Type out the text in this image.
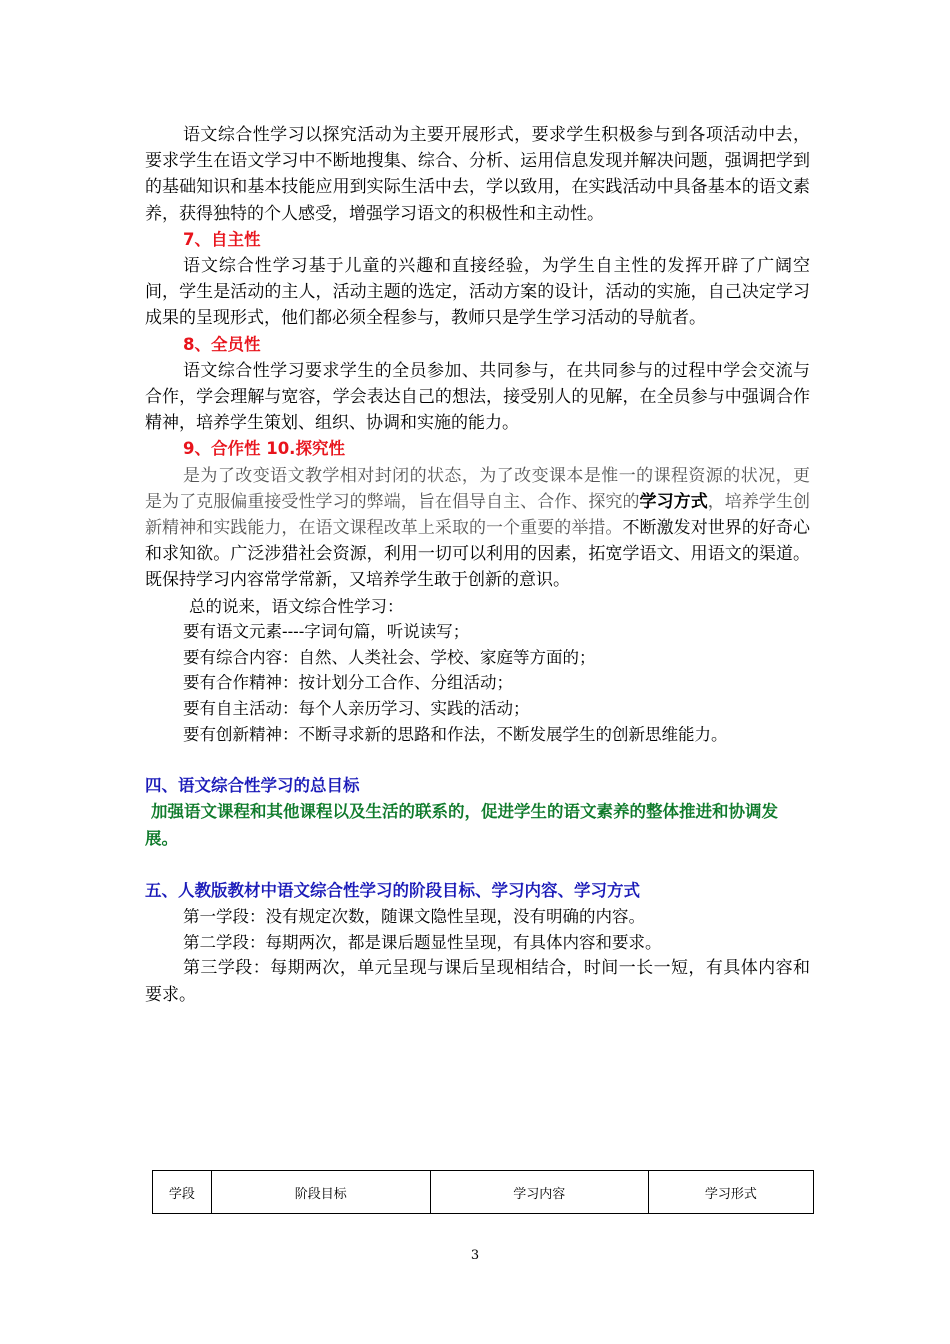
语文综合性学习以探究活动为主要开展形式，要求学生积极参与到各项活动中去，要求学生在语文学习中不断地搜集、综合、分析、运用信息发现并解决问题，强调把学到的基础知识和基本技能应用到实际生活中去，学以致用，在实践活动中具备基本的语文素养，获得独特的个人感受，增强学习语文的积极性和主动性。

7、自主性

语文综合性学习基于儿童的兴趣和直接经验，为学生自主性的发挥开辟了广阔空间，学生是活动的主人，活动主题的选定，活动方案的设计，活动的实施，自己决定学习成果的呈现形式，他们都必须全程参与，教师只是学生学习活动的导航者。

8、全员性

语文综合性学习要求学生的全员参加、共同参与，在共同参与的过程中学会交流与合作，学会理解与宽容，学会表达自己的想法，接受别人的见解，在全员参与中强调合作精神，培养学生策划、组织、协调和实施的能力。

9、合作性 10.探究性

是为了改变语文教学相对封闭的状态，为了改变课本是惟一的课程资源的状况，更是为了克服偏重接受性学习的弊端，旨在倡导自主、合作、探究的学习方式，培养学生创新精神和实践能力，在语文课程改革上采取的一个重要的举措。不断激发对世界的好奇心和求知欲。广泛涉猎社会资源，利用一切可以利用的因素，拓宽学语文、用语文的渠道。既保持学习内容常学常新，又培养学生敢于创新的意识。

总的说来，语文综合性学习：

要有语文元素----字词句篇，听说读写；

要有综合内容：自然、人类社会、学校、家庭等方面的；

要有合作精神：按计划分工合作、分组活动；

要有自主活动：每个人亲历学习、实践的活动；

要有创新精神：不断寻求新的思路和作法，不断发展学生的创新思维能力。

四、语文综合性学习的总目标

加强语文课程和其他课程以及生活的联系的，促进学生的语文素养的整体推进和协调发展。

五、人教版教材中语文综合性学习的阶段目标、学习内容、学习方式

第一学段：没有规定次数，随课文隐性呈现，没有明确的内容。

第二学段：每期两次，都是课后题显性呈现，有具体内容和要求。

第三学段：每期两次，单元呈现与课后呈现相结合，时间一长一短，有具体内容和要求。

学段	阶段目标	学习内容	学习形式
3
